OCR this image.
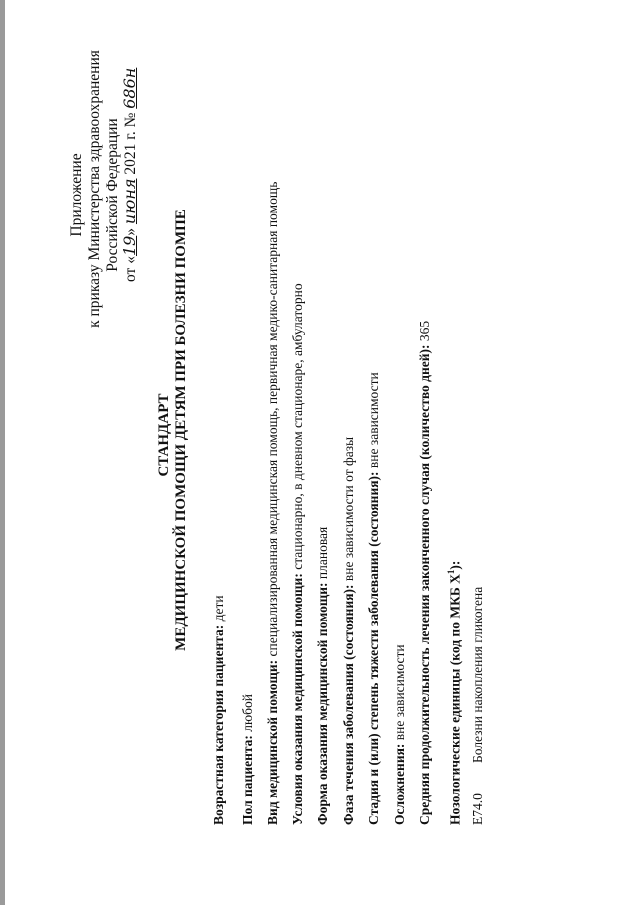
Приложение к приказу Министерства здравоохранения Российской Федерации от «19» июня 2021 г. № 686н
СТАНДАРТ МЕДИЦИНСКОЙ ПОМОЩИ ДЕТЯМ ПРИ БОЛЕЗНИ ПОМПЕ
Возрастная категория пациента: дети
Пол пациента: любой Вид медицинской помощи: специализированная медицинская помощь, первичная медико-санитарная помощь
Условия оказания медицинской помощи: стационарно, в дневном стационаре, амбулаторно
Форма оказания медицинской помощи: плановая
Фаза течения заболевания (состояния): вне зависимости от фазы Стадия и (или) степень тяжести заболевания (состояния): вне зависимости
Осложнения: вне зависимости Средняя продолжительность лечения законченного случая (количество дней): 365
Нозологические единицы (код по МКБ $X^1$):
E74.0
Болезни накопления гликогена
